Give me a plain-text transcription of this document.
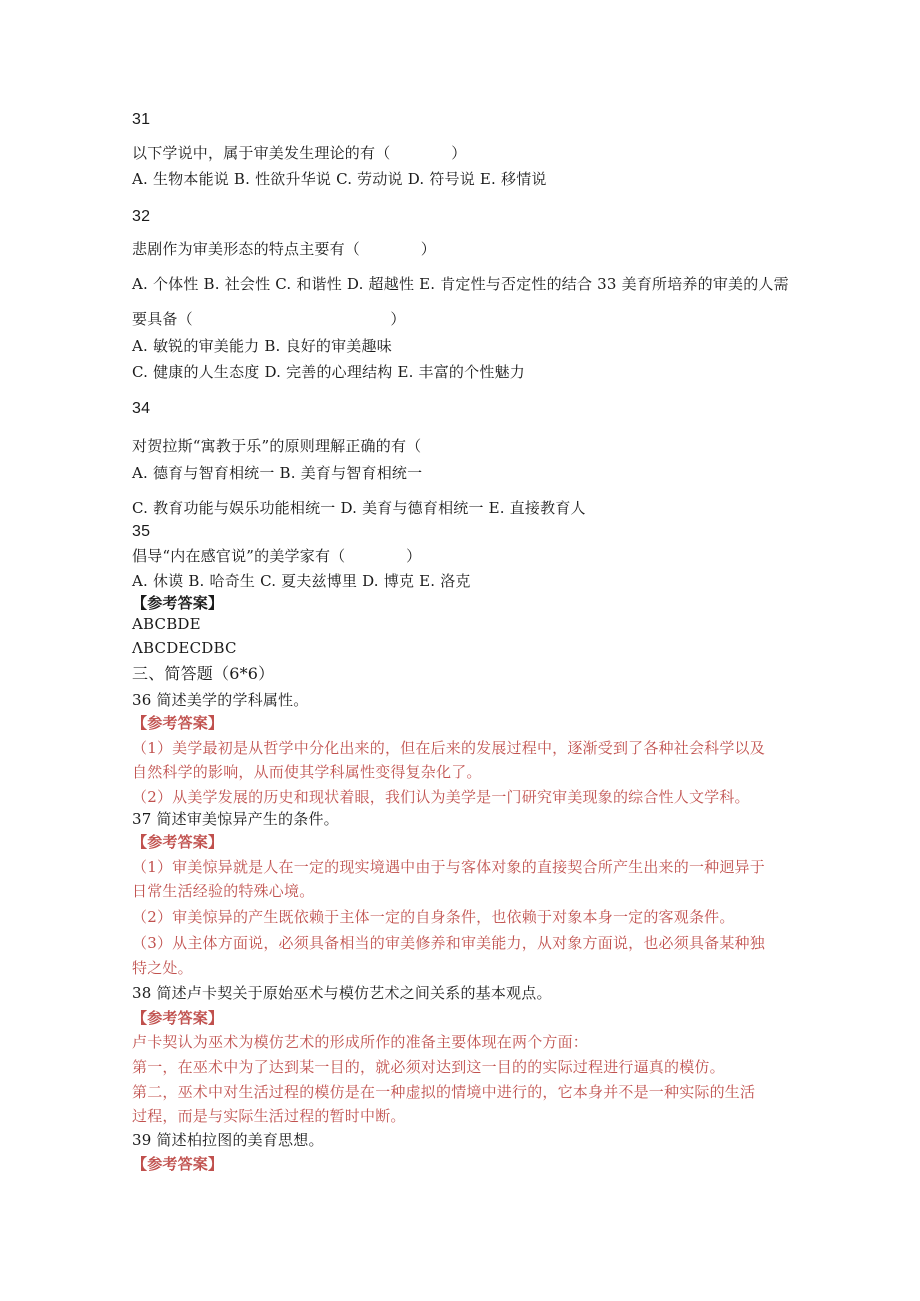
31
以下学说中，属于审美发生理论的有（　　　　）
A. 生物本能说 B. 性欲升华说 C. 劳动说 D. 符号说 E. 移情说
32
悲剧作为审美形态的特点主要有（　　　　）
A. 个体性 B. 社会性 C. 和谐性 D. 超越性 E. 肯定性与否定性的结合 33 美育所培养的审美的人需
要具备（　　　　　　　　　　　　　）
A. 敏锐的审美能力 B. 良好的审美趣味
C. 健康的人生态度 D. 完善的心理结构 E. 丰富的个性魅力
34
对贺拉斯“寓教于乐”的原则理解正确的有（
A. 德育与智育相统一 B. 美育与智育相统一
C. 教育功能与娱乐功能相统一 D. 美育与德育相统一 E. 直接教育人
35
倡导“内在感官说”的美学家有（　　　　）
A. 休谟 B. 哈奇生 C. 夏夫兹博里 D. 博克 E. 洛克
【参考答案】
ABCBDE
ΛBCDECDBC
三、简答题（6*6）
36 简述美学的学科属性。
【参考答案】
（1）美学最初是从哲学中分化出来的，但在后来的发展过程中，逐渐受到了各种社会科学以及
自然科学的影响，从而使其学科属性变得复杂化了。
（2）从美学发展的历史和现状着眼，我们认为美学是一门研究审美现象的综合性人文学科。
37 简述审美惊异产生的条件。
【参考答案】
（1）审美惊异就是人在一定的现实境遇中由于与客体对象的直接契合所产生出来的一种迥异于
日常生活经验的特殊心境。
（2）审美惊异的产生既依赖于主体一定的自身条件，也依赖于对象本身一定的客观条件。
（3）从主体方面说，必须具备相当的审美修养和审美能力，从对象方面说，也必须具备某种独
特之处。
38 简述卢卡契关于原始巫术与模仿艺术之间关系的基本观点。
【参考答案】
卢卡契认为巫术为模仿艺术的形成所作的准备主要体现在两个方面：
第一，在巫术中为了达到某一目的，就必须对达到这一目的的实际过程进行逼真的模仿。
第二，巫术中对生活过程的模仿是在一种虚拟的情境中进行的，它本身并不是一种实际的生活
过程，而是与实际生活过程的暂时中断。
39 简述柏拉图的美育思想。
【参考答案】
